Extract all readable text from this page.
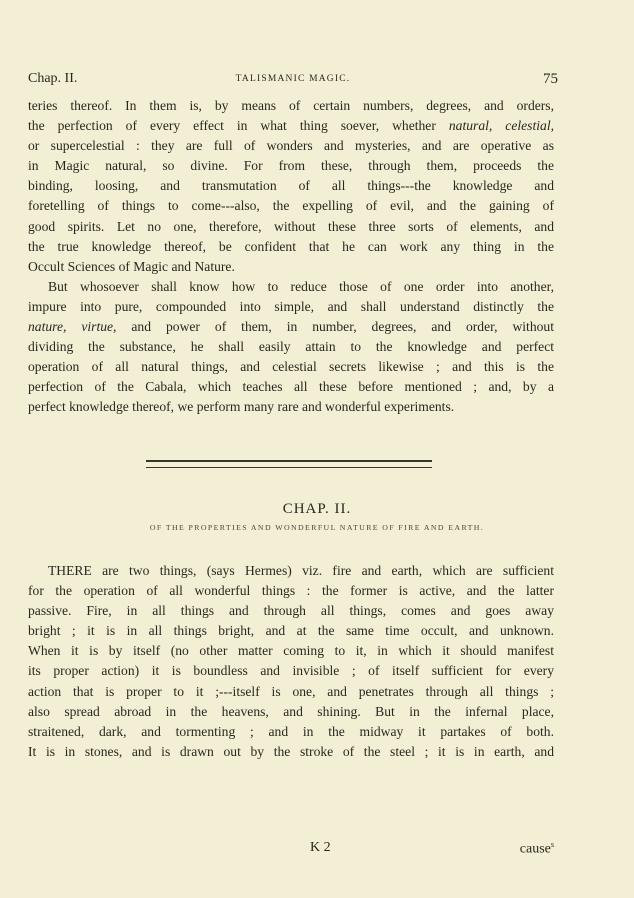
Chap. II.	TALISMANIC MAGIC.	75
teries thereof. In them is, by means of certain numbers, degrees, and orders,
the perfection of every effect in what thing soever, whether natural, celestial,
or supercelestial : they are full of wonders and mysteries, and are operative as
in Magic natural, so divine. For from these, through them, proceeds the
binding, loosing, and transmutation of all things---the knowledge and
foretelling of things to come---also, the expelling of evil, and the gaining of
good spirits. Let no one, therefore, without these three sorts of elements, and
the true knowledge thereof, be confident that he can work any thing in the
Occult Sciences of Magic and Nature.
But whosoever shall know how to reduce those of one order into another,
impure into pure, compounded into simple, and shall understand distinctly the
nature, virtue, and power of them, in number, degrees, and order, without
dividing the substance, he shall easily attain to the knowledge and perfect
operation of all natural things, and celestial secrets likewise ; and this is the
perfection of the Cabala, which teaches all these before mentioned ; and, by a
perfect knowledge thereof, we perform many rare and wonderful experiments.
CHAP. II.
OF THE PROPERTIES AND WONDERFUL NATURE OF FIRE AND EARTH.
THERE are two things, (says Hermes) viz. fire and earth, which are sufficient
for the operation of all wonderful things : the former is active, and the latter
passive. Fire, in all things and through all things, comes and goes away
bright ; it is in all things bright, and at the same time occult, and unknown.
When it is by itself (no other matter coming to it, in which it should manifest
its proper action) it is boundless and invisible ; of itself sufficient for every
action that is proper to it ;---itself is one, and penetrates through all things ;
also spread abroad in the heavens, and shining. But in the infernal place,
straitened, dark, and tormenting ; and in the midway it partakes of both.
It is in stones, and is drawn out by the stroke of the steel ; it is in earth, and
K 2	cause$^s$
